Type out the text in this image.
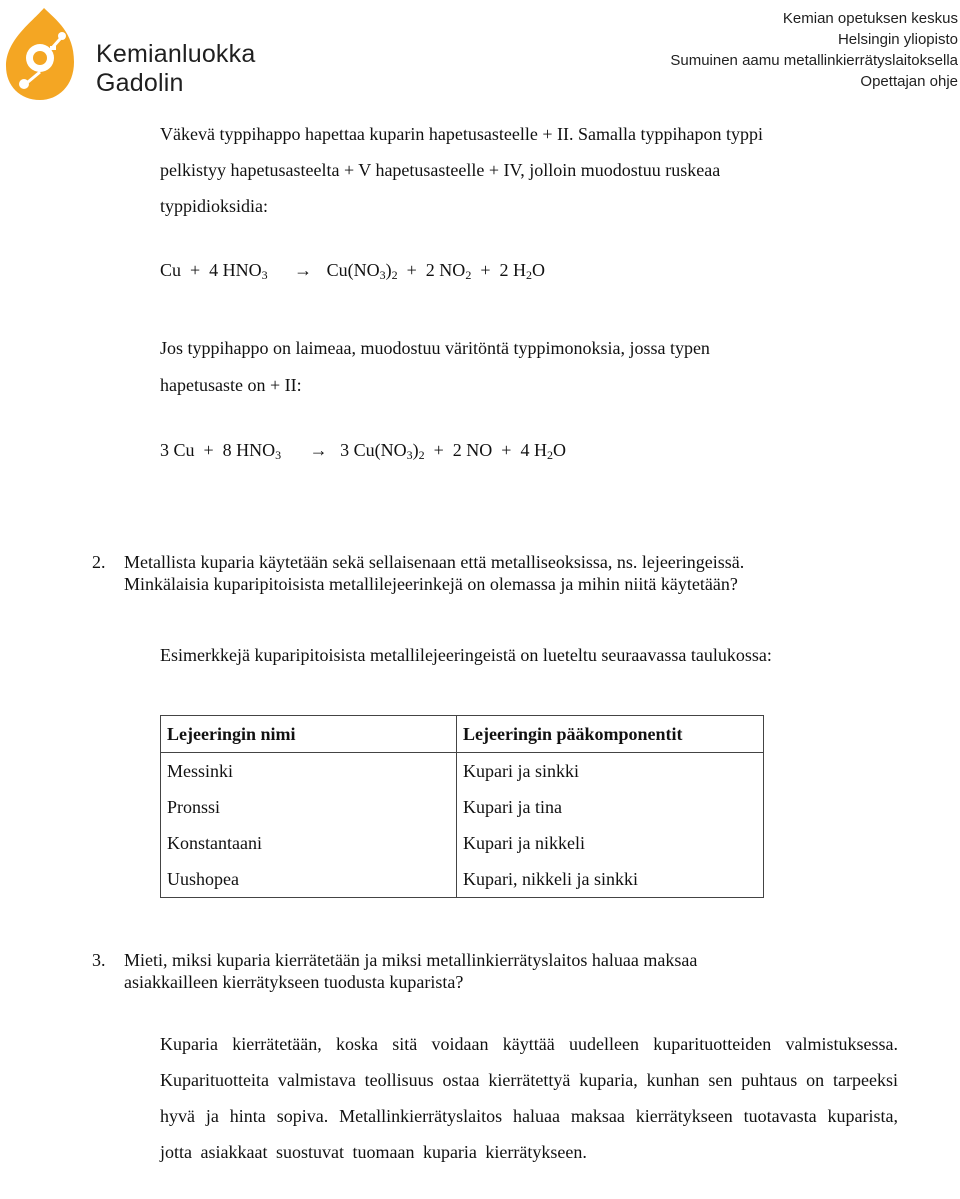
Kemianluokka
Gadolin
Kemian opetuksen keskus
Helsingin yliopisto
Sumuinen aamu metallinkierrätyslaitoksella
Opettajan ohje
Väkevä typpihappo hapettaa kuparin hapetusasteelle + II. Samalla typpihapon typpi
pelkistyy hapetusasteelta + V hapetusasteelle + IV, jolloin muodostuu ruskeaa
typpidioksidia:
Cu  +  4 $HNO_3 \to Cu(NO_3)_2 + 2$ $NO_2 + 2$ $H_2O$
Jos typpihappo on laimeaa, muodostuu väritöntä typpimonoksia, jossa typen
hapetusaste on + II:
3 Cu  +  8 $HNO_3 \to 3$ $Cu(NO_3)_2 + 2$ NO  +  4 $H_2O$
2. Metallista kuparia käytetään sekä sellaisenaan että metalliseoksissa, ns. lejeeringeissä.
Minkälaisia kuparipitoisista metallilejeerinkejä on olemassa ja mihin niitä käytetään?
Esimerkkejä kuparipitoisista metallilejeeringeistä on lueteltu seuraavassa taulukossa:
Lejeeringin nimi	Lejeeringin pääkomponentit
Messinki	Kupari ja sinkki
Pronssi	Kupari ja tina
Konstantaani	Kupari ja nikkeli
Uushopea	Kupari, nikkeli ja sinkki
3. Mieti, miksi kuparia kierrätetään ja miksi metallinkierrätyslaitos haluaa maksaa
asiakkailleen kierrätykseen tuodusta kuparista?
Kuparia kierrätetään, koska sitä voidaan käyttää uudelleen kuparituotteiden valmistuksessa. Kuparituotteita valmistava teollisuus ostaa kierrätettyä kuparia, kunhan sen puhtaus on tarpeeksi hyvä ja hinta sopiva. Metallinkierrätyslaitos haluaa maksaa kierrätykseen tuotavasta kuparista, jotta asiakkaat suostuvat tuomaan kuparia kierrätykseen.
